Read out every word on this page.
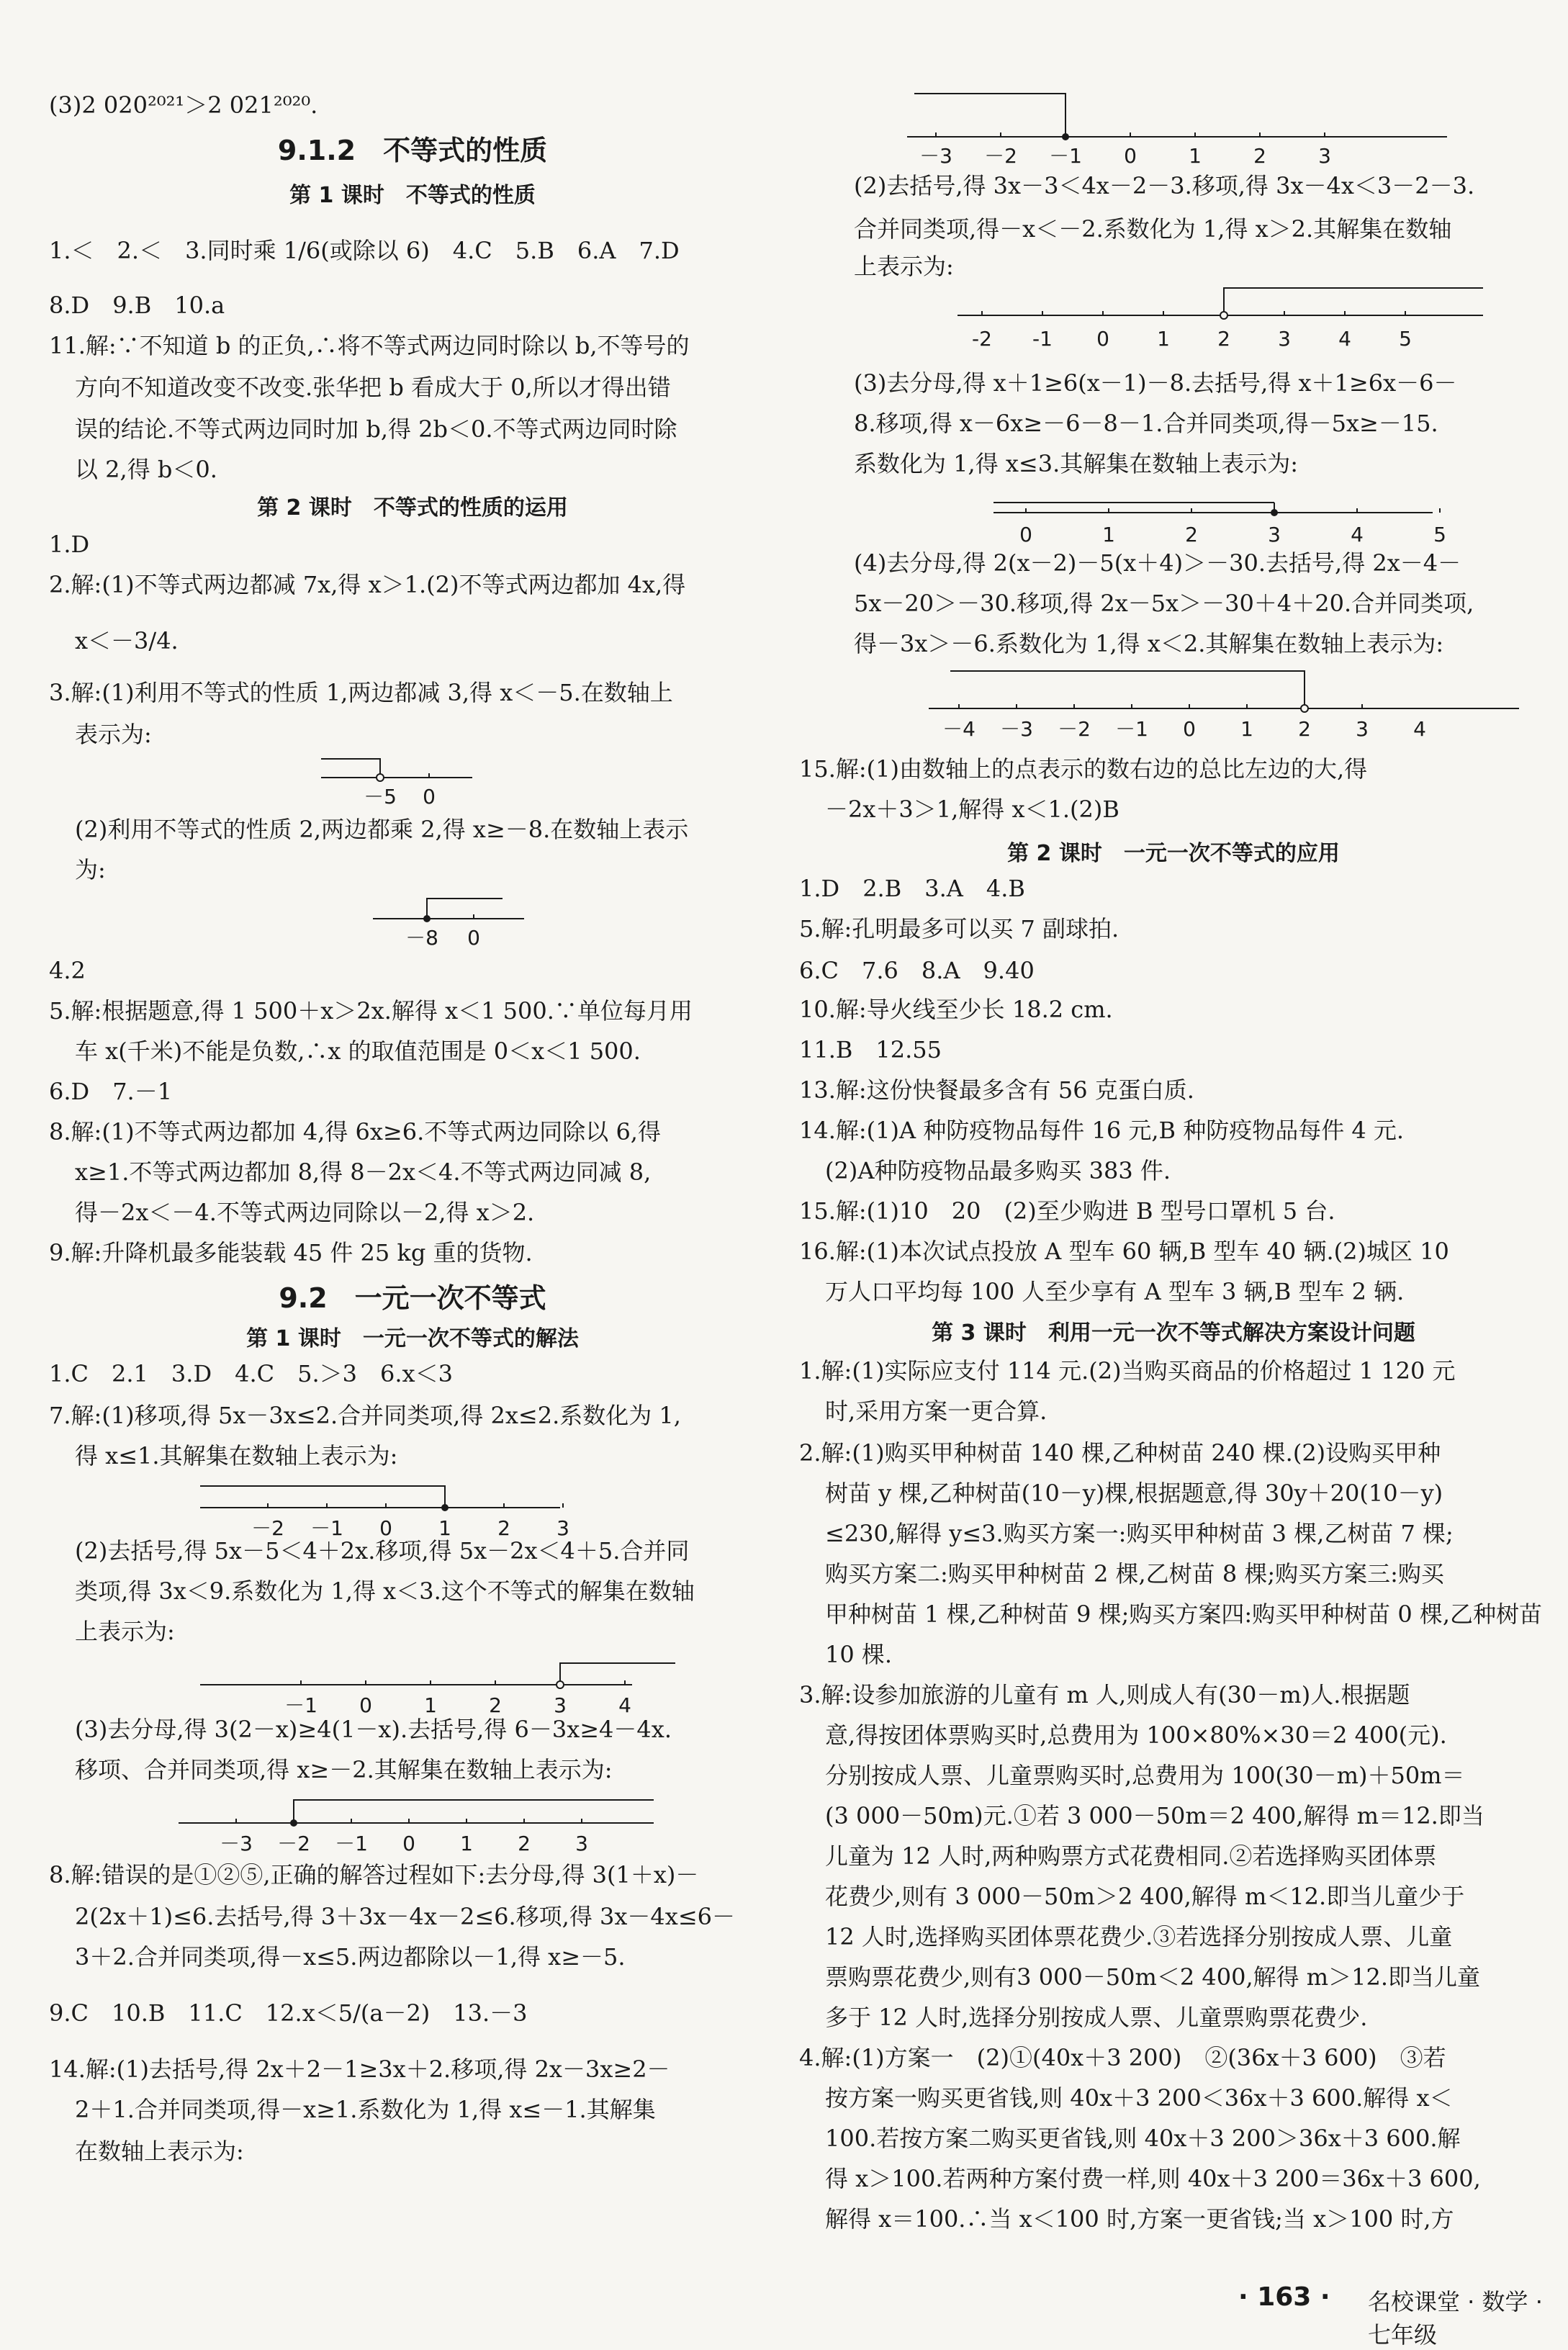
(3)2 020²⁰²¹＞2 021²⁰²⁰.
9.1.2　不等式的性质
第 1 课时　不等式的性质
1.＜　2.＜　3.同时乘 1/6(或除以 6)　4.C　5.B　6.A　7.D
8.D　9.B　10.a
11.解:∵不知道 b 的正负,∴将不等式两边同时除以 b,不等号的
方向不知道改变不改变.张华把 b 看成大于 0,所以才得出错
误的结论.不等式两边同时加 b,得 2b＜0.不等式两边同时除
以 2,得 b＜0.
第 2 课时　不等式的性质的运用
1.D
2.解:(1)不等式两边都减 7x,得 x＞1.(2)不等式两边都加 4x,得
x＜－3/4.
3.解:(1)利用不等式的性质 1,两边都减 3,得 x＜－5.在数轴上
表示为:
－5 0
(2)利用不等式的性质 2,两边都乘 2,得 x≥－8.在数轴上表示
为:
－8 0
4.2
5.解:根据题意,得 1 500＋x＞2x.解得 x＜1 500.∵单位每月用
车 x(千米)不能是负数,∴x 的取值范围是 0＜x＜1 500.
6.D　7.－1
8.解:(1)不等式两边都加 4,得 6x≥6.不等式两边同除以 6,得
x≥1.不等式两边都加 8,得 8－2x＜4.不等式两边同减 8,
得－2x＜－4.不等式两边同除以－2,得 x＞2.
9.解:升降机最多能装载 45 件 25 kg 重的货物.
9.2　一元一次不等式
第 1 课时　一元一次不等式的解法
1.C　2.1　3.D　4.C　5.＞3　6.x＜3
7.解:(1)移项,得 5x－3x≤2.合并同类项,得 2x≤2.系数化为 1,
得 x≤1.其解集在数轴上表示为:
－2 －1 0 1 2 3
(2)去括号,得 5x－5＜4＋2x.移项,得 5x－2x＜4＋5.合并同
类项,得 3x＜9.系数化为 1,得 x＜3.这个不等式的解集在数轴
上表示为:
－1 0	1	2	3	4
(3)去分母,得 3(2－x)≥4(1－x).去括号,得 6－3x≥4－4x.
移项、合并同类项,得 x≥－2.其解集在数轴上表示为:
－3 －2 －1 0 1 2 3
8.解:错误的是①②⑤,正确的解答过程如下:去分母,得 3(1＋x)－
2(2x＋1)≤6.去括号,得 3＋3x－4x－2≤6.移项,得 3x－4x≤6－
3＋2.合并同类项,得－x≤5.两边都除以－1,得 x≥－5.
9.C　10.B　11.C　12.x＜5/(a－2)　13.－3
14.解:(1)去括号,得 2x＋2－1≥3x＋2.移项,得 2x－3x≥2－
2＋1.合并同类项,得－x≥1.系数化为 1,得 x≤－1.其解集
在数轴上表示为:
－3 －2 －1 0	1	2	3
(2)去括号,得 3x－3＜4x－2－3.移项,得 3x－4x＜3－2－3.
合并同类项,得－x＜－2.系数化为 1,得 x＞2.其解集在数轴
上表示为:
-2 -1 0 1 2 3 4 5
(3)去分母,得 x＋1≥6(x－1)－8.去括号,得 x＋1≥6x－6－
8.移项,得 x－6x≥－6－8－1.合并同类项,得－5x≥－15.
系数化为 1,得 x≤3.其解集在数轴上表示为:
0	1	2	3	4	5
(4)去分母,得 2(x－2)－5(x＋4)＞－30.去括号,得 2x－4－
5x－20＞－30.移项,得 2x－5x＞－30＋4＋20.合并同类项,
得－3x＞－6.系数化为 1,得 x＜2.其解集在数轴上表示为:
－4 －3 －2 －1 0 1 2 3 4
15.解:(1)由数轴上的点表示的数右边的总比左边的大,得
－2x＋3＞1,解得 x＜1.(2)B
第 2 课时　一元一次不等式的应用
1.D　2.B　3.A　4.B
5.解:孔明最多可以买 7 副球拍.
6.C　7.6　8.A　9.40
10.解:导火线至少长 18.2 cm.
11.B　12.55
13.解:这份快餐最多含有 56 克蛋白质.
14.解:(1)A 种防疫物品每件 16 元,B 种防疫物品每件 4 元.
(2)A种防疫物品最多购买 383 件.
15.解:(1)10　20　(2)至少购进 B 型号口罩机 5 台.
16.解:(1)本次试点投放 A 型车 60 辆,B 型车 40 辆.(2)城区 10
万人口平均每 100 人至少享有 A 型车 3 辆,B 型车 2 辆.
第 3 课时　利用一元一次不等式解决方案设计问题
1.解:(1)实际应支付 114 元.(2)当购买商品的价格超过 1 120 元
时,采用方案一更合算.
2.解:(1)购买甲种树苗 140 棵,乙种树苗 240 棵.(2)设购买甲种
树苗 y 棵,乙种树苗(10－y)棵,根据题意,得 30y＋20(10－y)
≤230,解得 y≤3.购买方案一:购买甲种树苗 3 棵,乙树苗 7 棵;
购买方案二:购买甲种树苗 2 棵,乙树苗 8 棵;购买方案三:购买
甲种树苗 1 棵,乙种树苗 9 棵;购买方案四:购买甲种树苗 0 棵,乙种树苗
10 棵.
3.解:设参加旅游的儿童有 m 人,则成人有(30－m)人.根据题
意,得按团体票购买时,总费用为 100×80%×30＝2 400(元).
分别按成人票、儿童票购买时,总费用为 100(30－m)＋50m＝
(3 000－50m)元.①若 3 000－50m＝2 400,解得 m＝12.即当
儿童为 12 人时,两种购票方式花费相同.②若选择购买团体票
花费少,则有 3 000－50m＞2 400,解得 m＜12.即当儿童少于
12 人时,选择购买团体票花费少.③若选择分别按成人票、儿童
票购票花费少,则有3 000－50m＜2 400,解得 m＞12.即当儿童
多于 12 人时,选择分别按成人票、儿童票购票花费少.
4.解:(1)方案一　(2)①(40x＋3 200)　②(36x＋3 600)　③若
按方案一购买更省钱,则 40x＋3 200＜36x＋3 600.解得 x＜
100.若按方案二购买更省钱,则 40x＋3 200＞36x＋3 600.解
得 x＞100.若两种方案付费一样,则 40x＋3 200＝36x＋3 600,
解得 x＝100.∴当 x＜100 时,方案一更省钱;当 x＞100 时,方
· 163 · 名校课堂 · 数学 · 七年级
